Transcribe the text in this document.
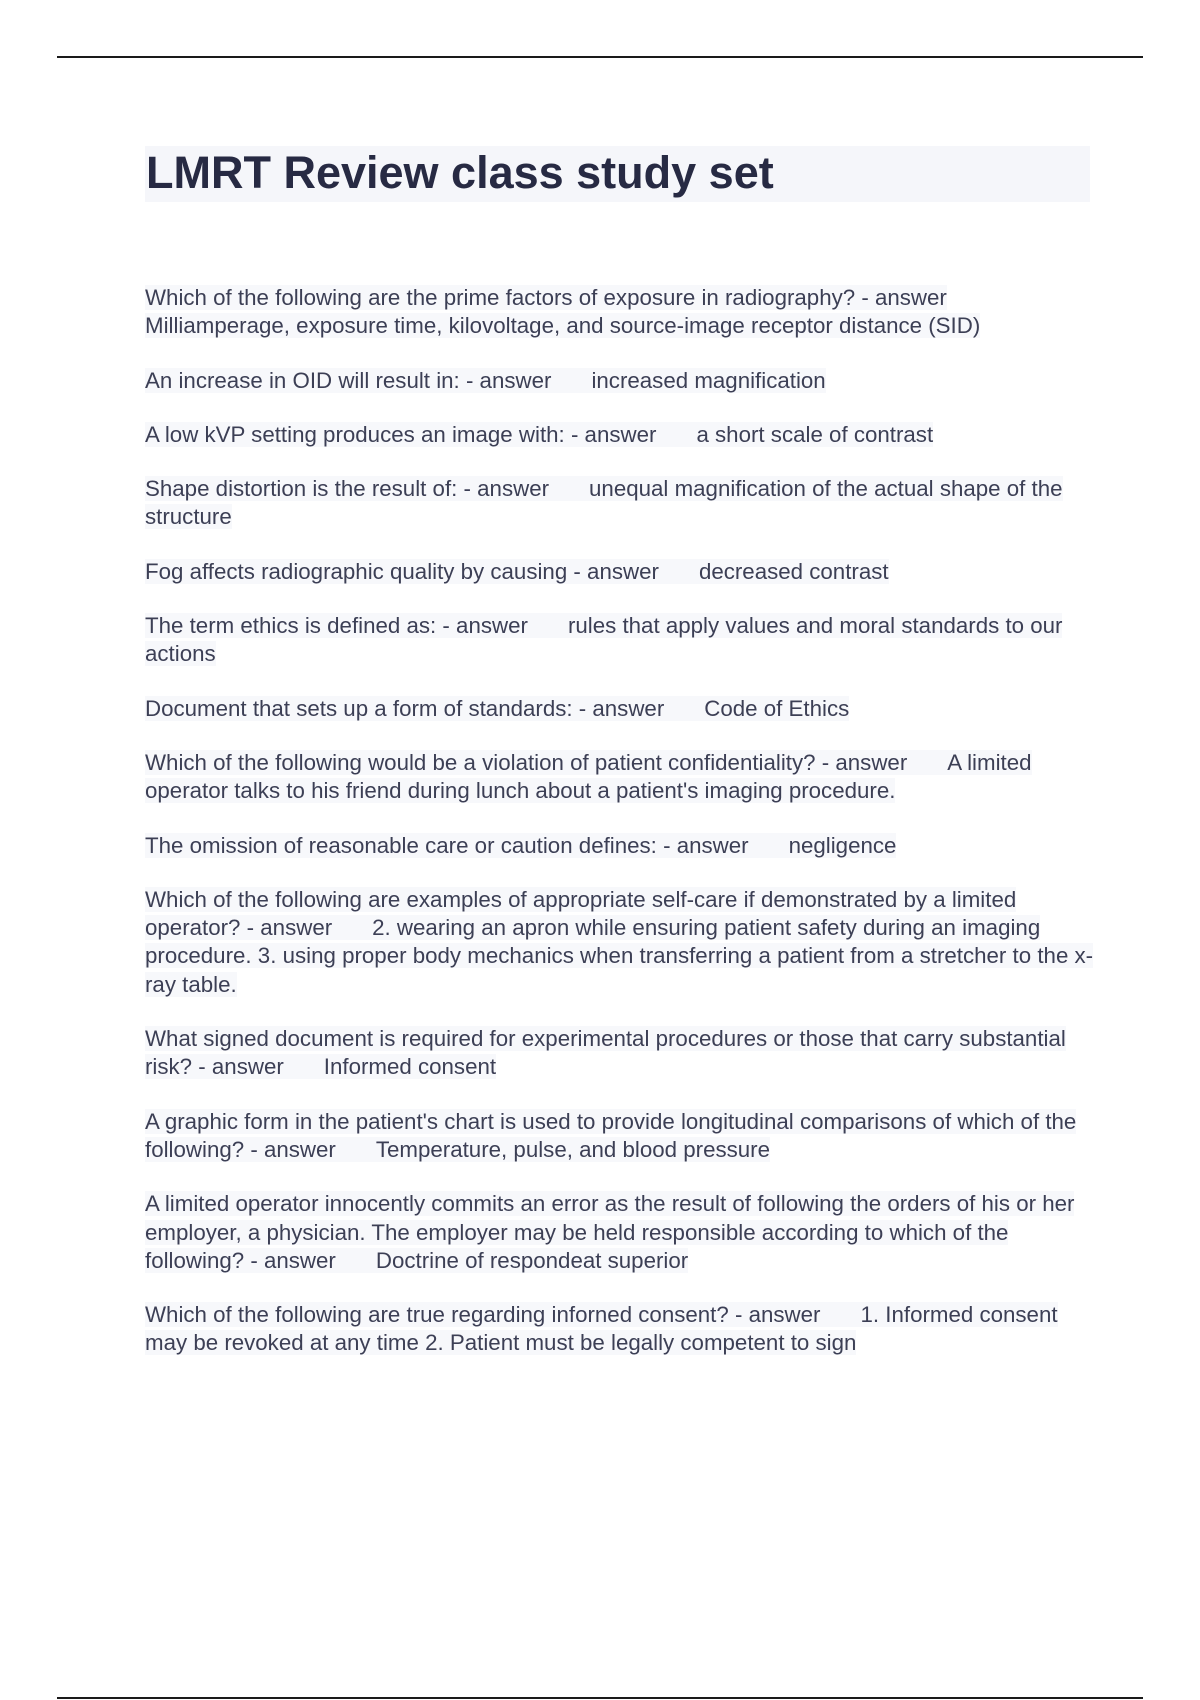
LMRT Review class study set

Which of the following are the prime factors of exposure in radiography? - answer Milliamperage, exposure time, kilovoltage, and source-image receptor distance (SID)

An increase in OID will result in: - answer increased magnification

A low kVP setting produces an image with: - answer a short scale of contrast

Shape distortion is the result of: - answer unequal magnification of the actual shape of the structure

Fog affects radiographic quality by causing - answer decreased contrast

The term ethics is defined as: - answer rules that apply values and moral standards to our actions

Document that sets up a form of standards: - answer Code of Ethics

Which of the following would be a violation of patient confidentiality? - answer A limited operator talks to his friend during lunch about a patient's imaging procedure.

The omission of reasonable care or caution defines: - answer negligence

Which of the following are examples of appropriate self-care if demonstrated by a limited operator? - answer 2. wearing an apron while ensuring patient safety during an imaging procedure. 3. using proper body mechanics when transferring a patient from a stretcher to the x-ray table.

What signed document is required for experimental procedures or those that carry substantial risk? - answer Informed consent

A graphic form in the patient's chart is used to provide longitudinal comparisons of which of the following? - answer Temperature, pulse, and blood pressure

A limited operator innocently commits an error as the result of following the orders of his or her employer, a physician. The employer may be held responsible according to which of the following? - answer Doctrine of respondeat superior

Which of the following are true regarding inforned consent? - answer 1. Informed consent may be revoked at any time 2. Patient must be legally competent to sign
